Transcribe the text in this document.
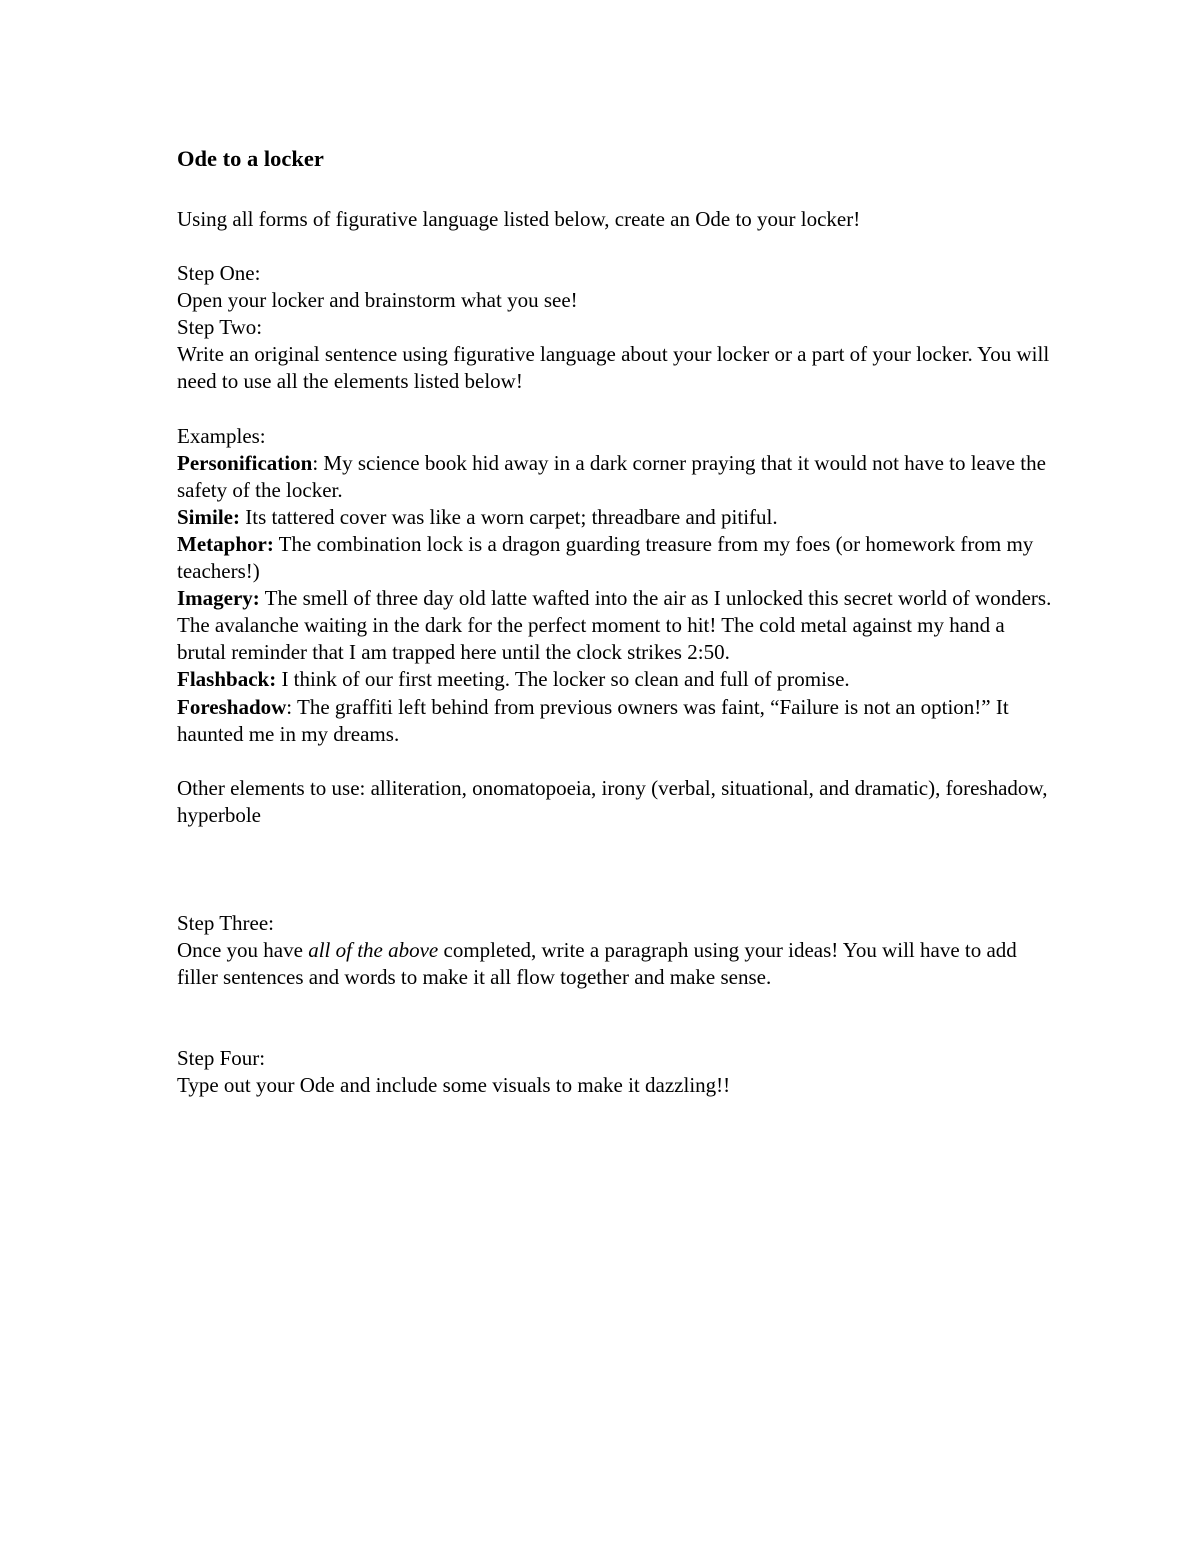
Ode to a locker

Using all forms of figurative language listed below, create an Ode to your locker!

Step One:

Open your locker and brainstorm what you see!

Step Two:

Write an original sentence using figurative language about your locker or a part of your locker. You will need to use all the elements listed below!

Examples:

Personification: My science book hid away in a dark corner praying that it would not have to leave the safety of the locker.

Simile: Its tattered cover was like a worn carpet; threadbare and pitiful.

Metaphor: The combination lock is a dragon guarding treasure from my foes (or homework from my teachers!)

Imagery: The smell of three day old latte wafted into the air as I unlocked this secret world of wonders. The avalanche waiting in the dark for the perfect moment to hit! The cold metal against my hand a brutal reminder that I am trapped here until the clock strikes 2:50.

Flashback: I think of our first meeting. The locker so clean and full of promise.

Foreshadow: The graffiti left behind from previous owners was faint, “Failure is not an option!” It haunted me in my dreams.

Other elements to use: alliteration, onomatopoeia, irony (verbal, situational, and dramatic), foreshadow, hyperbole

Step Three:

Once you have all of the above completed, write a paragraph using your ideas! You will have to add filler sentences and words to make it all flow together and make sense.

Step Four:

Type out your Ode and include some visuals to make it dazzling!!
